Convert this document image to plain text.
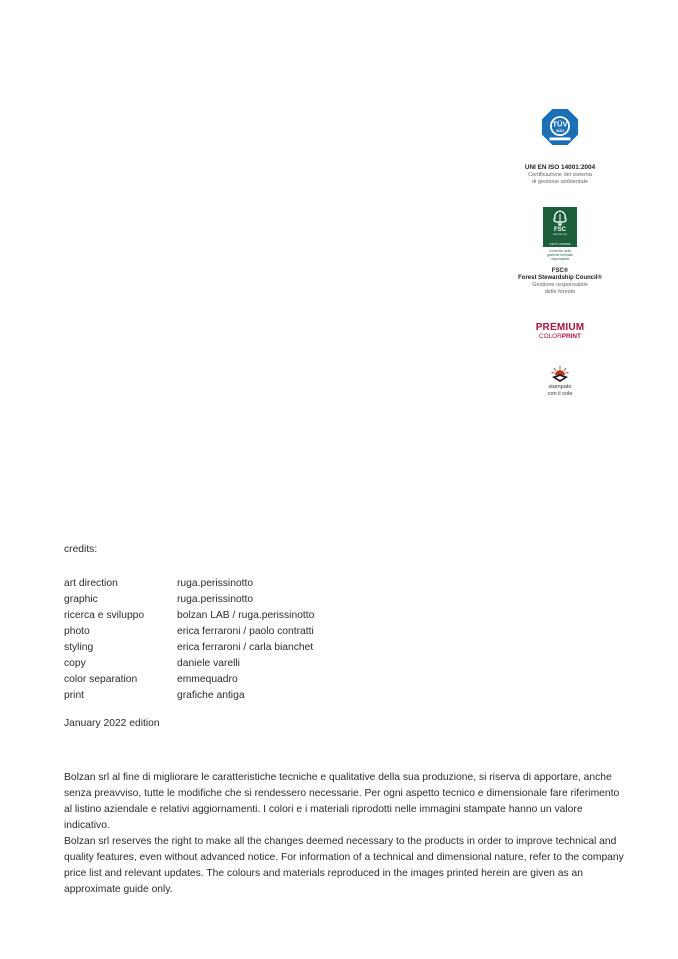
TÜV
SÜD
UNI EN ISO 14001:2004
Certificazione del sistema
di gestione ambientale
FSC
www.fsc.org
FSC® C006596
Il marchio della
gestione forestale
responsabile
FSC®
Forest Stewardship Council®
Gestione responsabile
delle foreste
PREMIUM
COLORPRINT
stampato
con il sole
credits:
art direction	ruga.perissinotto
graphic	ruga.perissinotto
ricerca e sviluppo	bolzan LAB / ruga.perissinotto
photo	erica ferraroni / paolo contratti
styling	erica ferraroni / carla bianchet
copy	daniele varelli
color separation	emmequadro
print	grafiche antiga
January 2022 edition

Bolzan srl al fine di migliorare le caratteristiche tecniche e qualitative della sua produzione, si riserva di apportare, anche senza preavviso, tutte le modifiche che si rendessero necessarie. Per ogni aspetto tecnico e dimensionale fare riferimento al listino aziendale e relativi aggiornamenti. I colori e i materiali riprodotti nelle immagini stampate hanno un valore indicativo.

Bolzan srl reserves the right to make all the changes deemed necessary to the products in order to improve technical and quality features, even without advanced notice. For information of a technical and dimensional nature, refer to the company price list and relevant updates. The colours and materials reproduced in the images printed herein are given as an approximate guide only.
